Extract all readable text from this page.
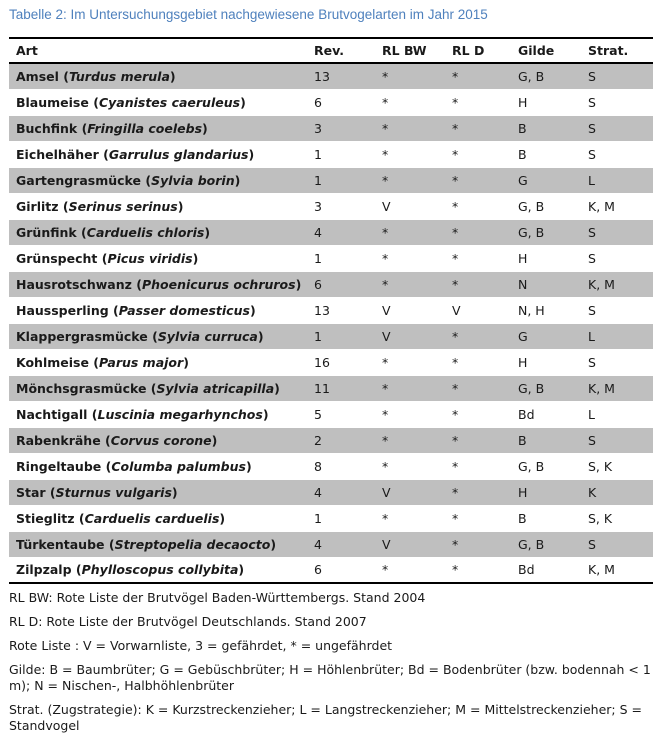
Tabelle 2: Im Untersuchungsgebiet nachgewiesene Brutvogelarten im Jahr 2015
Art	Rev.	RL BW	RL D	Gilde	Strat.
Amsel (Turdus merula)	13	*	*	G, B	S
Blaumeise (Cyanistes caeruleus)	6	*	*	H	S
Buchfink (Fringilla coelebs)	3	*	*	B	S
Eichelhäher (Garrulus glandarius)	1	*	*	B	S
Gartengrasmücke (Sylvia borin)	1	*	*	G	L
Girlitz (Serinus serinus)	3	V	*	G, B	K, M
Grünfink (Carduelis chloris)	4	*	*	G, B	S
Grünspecht (Picus viridis)	1	*	*	H	S
Hausrotschwanz (Phoenicurus ochruros)	6	*	*	N	K, M
Haussperling (Passer domesticus)	13	V	V	N, H	S
Klappergrasmücke (Sylvia curruca)	1	V	*	G	L
Kohlmeise (Parus major)	16	*	*	H	S
Mönchsgrasmücke (Sylvia atricapilla)	11	*	*	G, B	K, M
Nachtigall (Luscinia megarhynchos)	5	*	*	Bd	L
Rabenkrähe (Corvus corone)	2	*	*	B	S
Ringeltaube (Columba palumbus)	8	*	*	G, B	S, K
Star (Sturnus vulgaris)	4	V	*	H	K
Stieglitz (Carduelis carduelis)	1	*	*	B	S, K
Türkentaube (Streptopelia decaocto)	4	V	*	G, B	S
Zilpzalp (Phylloscopus collybita)	6	*	*	Bd	K, M

RL BW: Rote Liste der Brutvögel Baden-Württembergs. Stand 2004

RL D: Rote Liste der Brutvögel Deutschlands. Stand 2007

Rote Liste : V = Vorwarnliste, 3 = gefährdet, * = ungefährdet

Gilde: B = Baumbrüter; G = Gebüschbrüter; H = Höhlenbrüter; Bd = Bodenbrüter (bzw. bodennah < 1 m); N = Nischen-, Halbhöhlenbrüter

Strat. (Zugstrategie): K = Kurzstreckenzieher; L = Langstreckenzieher; M = Mittelstreckenzieher; S = Standvogel
